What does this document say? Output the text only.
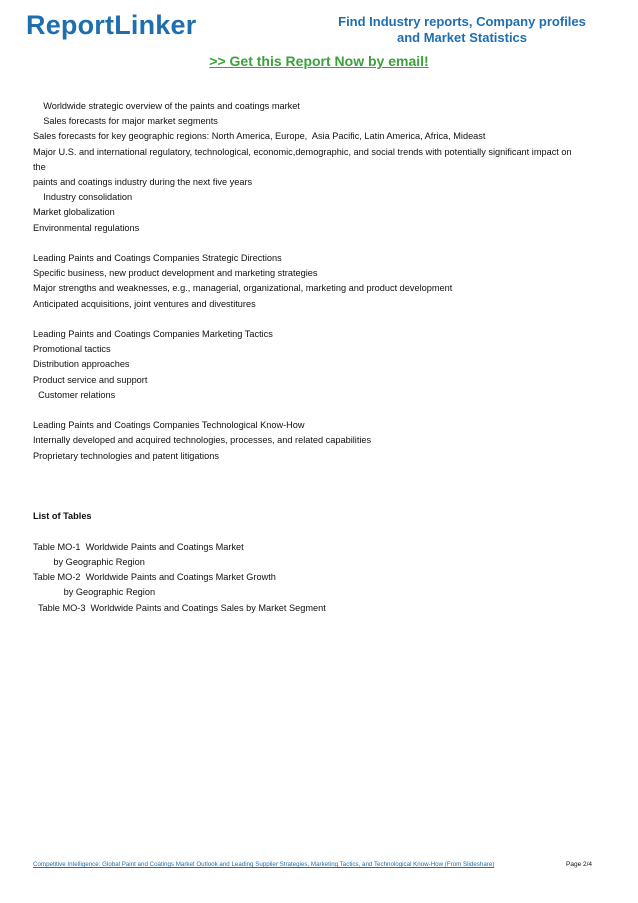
ReportLinker	Find Industry reports, Company profiles
and Market Statistics
>> Get this Report Now by email!
Worldwide strategic overview of the paints and coatings market
Sales forecasts for major market segments
Sales forecasts for key geographic regions: North America, Europe,  Asia Pacific, Latin America, Africa, Mideast
Major U.S. and international regulatory, technological, economic,demographic, and social trends with potentially significant impact on
the
paints and coatings industry during the next five years
Industry consolidation
Market globalization
Environmental regulations
Leading Paints and Coatings Companies Strategic Directions
Specific business, new product development and marketing strategies
Major strengths and weaknesses, e.g., managerial, organizational, marketing and product development
Anticipated acquisitions, joint ventures and divestitures
Leading Paints and Coatings Companies Marketing Tactics
Promotional tactics
Distribution approaches
Product service and support
Customer relations
Leading Paints and Coatings Companies Technological Know-How
Internally developed and acquired technologies, processes, and related capabilities
Proprietary technologies and patent litigations
List of Tables
Table MO-1  Worldwide Paints and Coatings Market
by Geographic Region
Table MO-2  Worldwide Paints and Coatings Market Growth
by Geographic Region
Table MO-3  Worldwide Paints and Coatings Sales by Market Segment
Competitive Intelligence: Global Paint and Coatings Market Outlook and Leading Supplier Strategies, Marketing Tactics, and Technological Know-How (From Slideshare)	Page 2/4
